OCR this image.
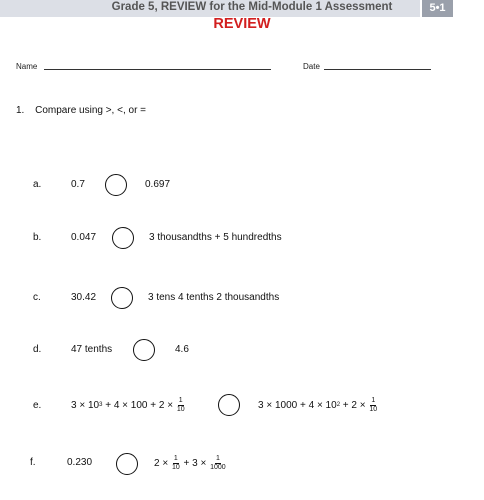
Grade 5, REVIEW for the Mid-Module 1 Assessment	5•1
REVIEW
Name	Date
1. Compare using >, <, or =
a.	0.7	0.697
b.	0.047	3 thousandths + 5 hundredths
c.	30.42	3 tens 4 tenths 2 thousandths
d.	47 tenths	4.6
e.	3 × 10 $3 + 4 \times 100 + 2 \times \frac{1}{10}$	3 × 1000 + 4 × 10 $2 + 2 \times \frac{1}{10}$
f.	0.230	$2 \times \frac{1}{10} + 3 \times \frac{1}{1000}$
